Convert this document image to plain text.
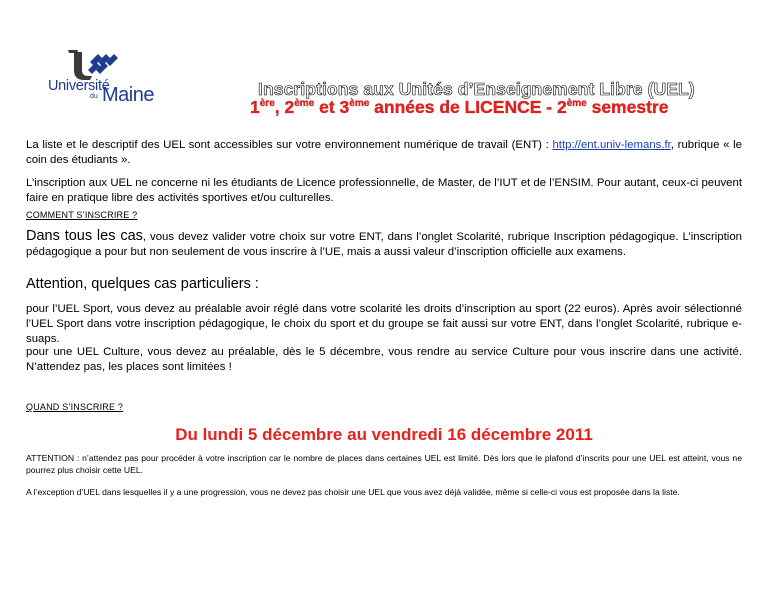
Université
du Maine	Inscriptions aux Unités d’Enseignement Libre (UEL)
1ère, 2ème et 3ème années de LICENCE - 2ème semestre
La liste et le descriptif des UEL sont accessibles sur votre environnement numérique de travail (ENT) : http://ent.univ-lemans.fr, rubrique « le coin des étudiants ».
L’inscription aux UEL ne concerne ni les étudiants de Licence professionnelle, de Master, de l’IUT et de l’ENSIM. Pour autant, ceux-ci peuvent faire en pratique libre des activités sportives et/ou culturelles.
COMMENT S’INSCRIRE ?
Dans tous les cas, vous devez valider votre choix sur votre ENT, dans l’onglet Scolarité, rubrique Inscription pédagogique. L’inscription pédagogique a pour but non seulement de vous inscrire à l’UE, mais a aussi valeur d’inscription officielle aux examens.
Attention, quelques cas particuliers :
pour l’UEL Sport, vous devez au préalable avoir réglé dans votre scolarité les droits d’inscription au sport (22 euros). Après avoir sélectionné l’UEL Sport dans votre inscription pédagogique, le choix du sport et du groupe se fait aussi sur votre ENT, dans l’onglet Scolarité, rubrique e-suaps.
pour une UEL Culture, vous devez au préalable, dès le 5 décembre, vous rendre au service Culture pour vous inscrire dans une activité. N’attendez pas, les places sont limitées !
QUAND S’INSCRIRE ?
Du lundi 5 décembre au vendredi 16 décembre 2011
ATTENTION : n’attendez pas pour procéder à votre inscription car le nombre de places dans certaines UEL est limité. Dès lors que le plafond d’inscrits pour une UEL est atteint, vous ne pourrez plus choisir cette UEL.
A l’exception d’UEL dans lesquelles il y a une progression, vous ne devez pas choisir une UEL que vous avez déjà validée, même si celle-ci vous est proposée dans la liste.
